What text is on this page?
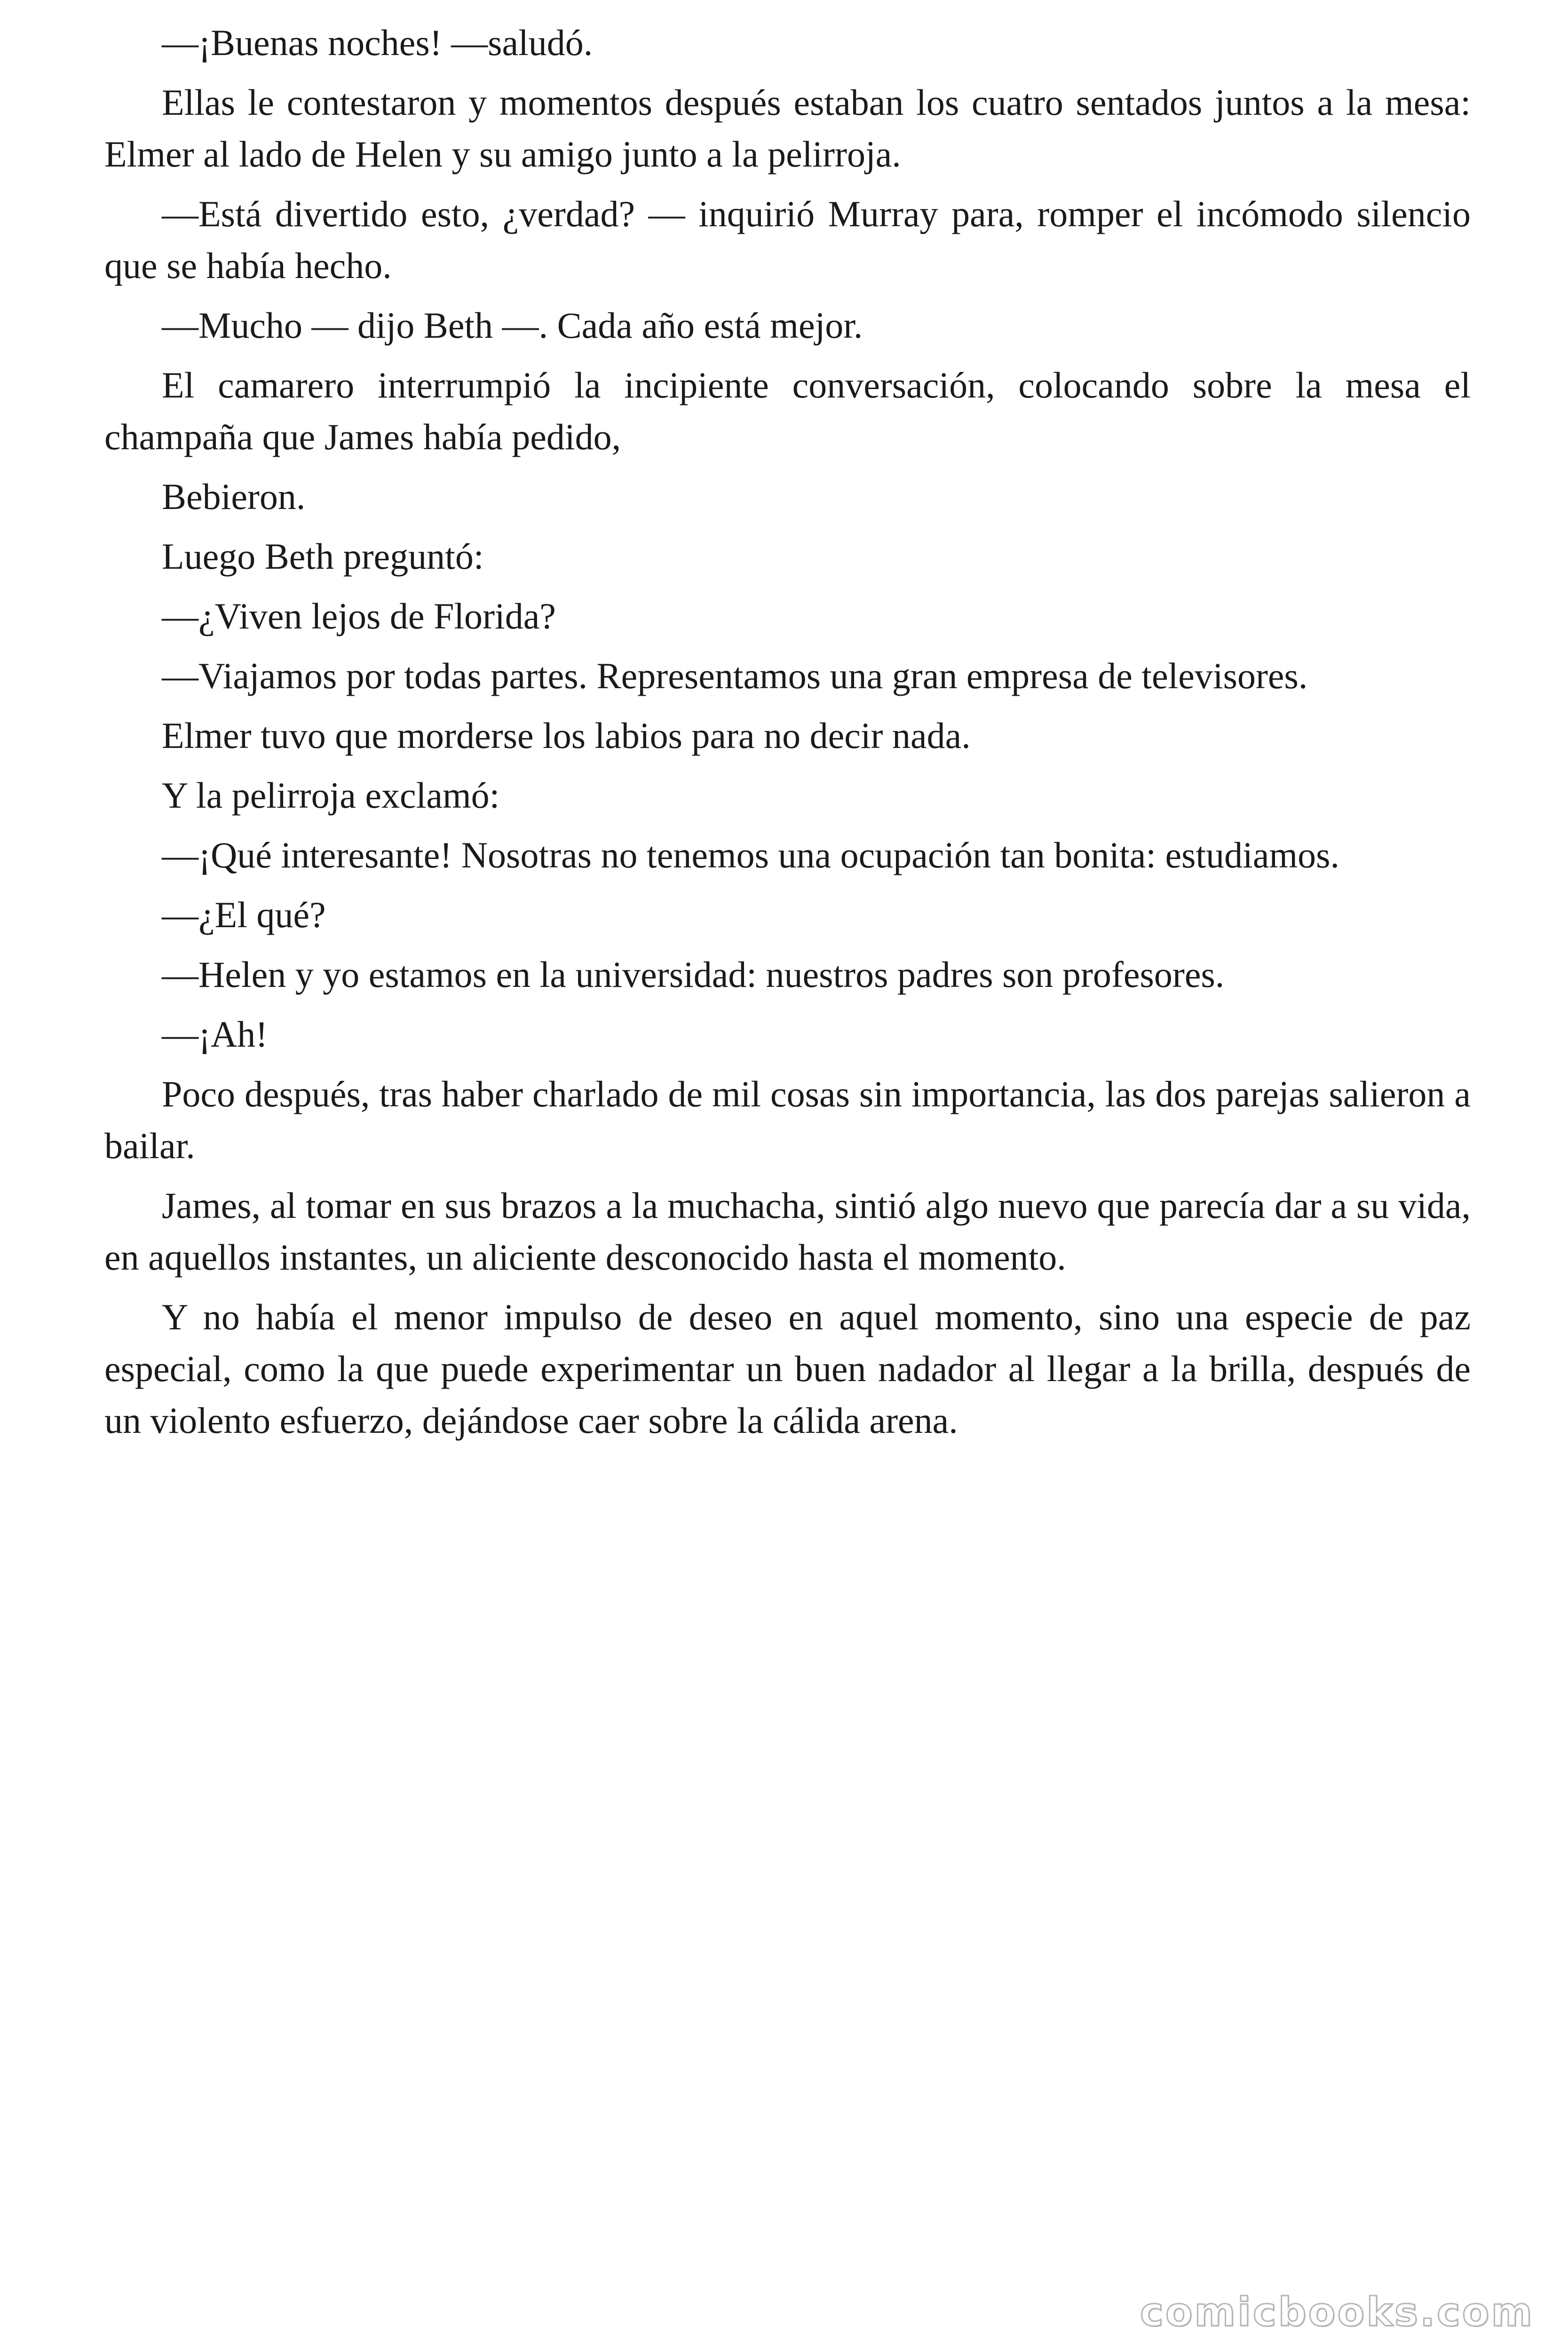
—¡Buenas noches! —saludó.

Ellas le contestaron y momentos después estaban los cuatro sentados juntos a la mesa: Elmer al lado de Helen y su amigo junto a la pelirroja.

—Está divertido esto, ¿verdad? — inquirió Murray para, romper el incómodo silencio que se había hecho.

—Mucho — dijo Beth —. Cada año está mejor.

El camarero interrumpió la incipiente conversación, colocando sobre la mesa el champaña que James había pedido,

Bebieron.

Luego Beth preguntó:

—¿Viven lejos de Florida?

—Viajamos por todas partes. Representamos una gran empresa de televisores.

Elmer tuvo que morderse los labios para no decir nada.

Y la pelirroja exclamó:

—¡Qué interesante! Nosotras no tenemos una ocupación tan bonita: estudiamos.

—¿El qué?

—Helen y yo estamos en la universidad: nuestros padres son profesores.

—¡Ah!

Poco después, tras haber charlado de mil cosas sin importancia, las dos parejas salieron a bailar.

James, al tomar en sus brazos a la muchacha, sintió algo nuevo que parecía dar a su vida, en aquellos instantes, un aliciente desconocido hasta el momento.

Y no había el menor impulso de deseo en aquel momento, sino una especie de paz especial, como la que puede experimentar un buen nadador al llegar a la brilla, después de un violento esfuerzo, dejándose caer sobre la cálida arena.

comicbooks.com
